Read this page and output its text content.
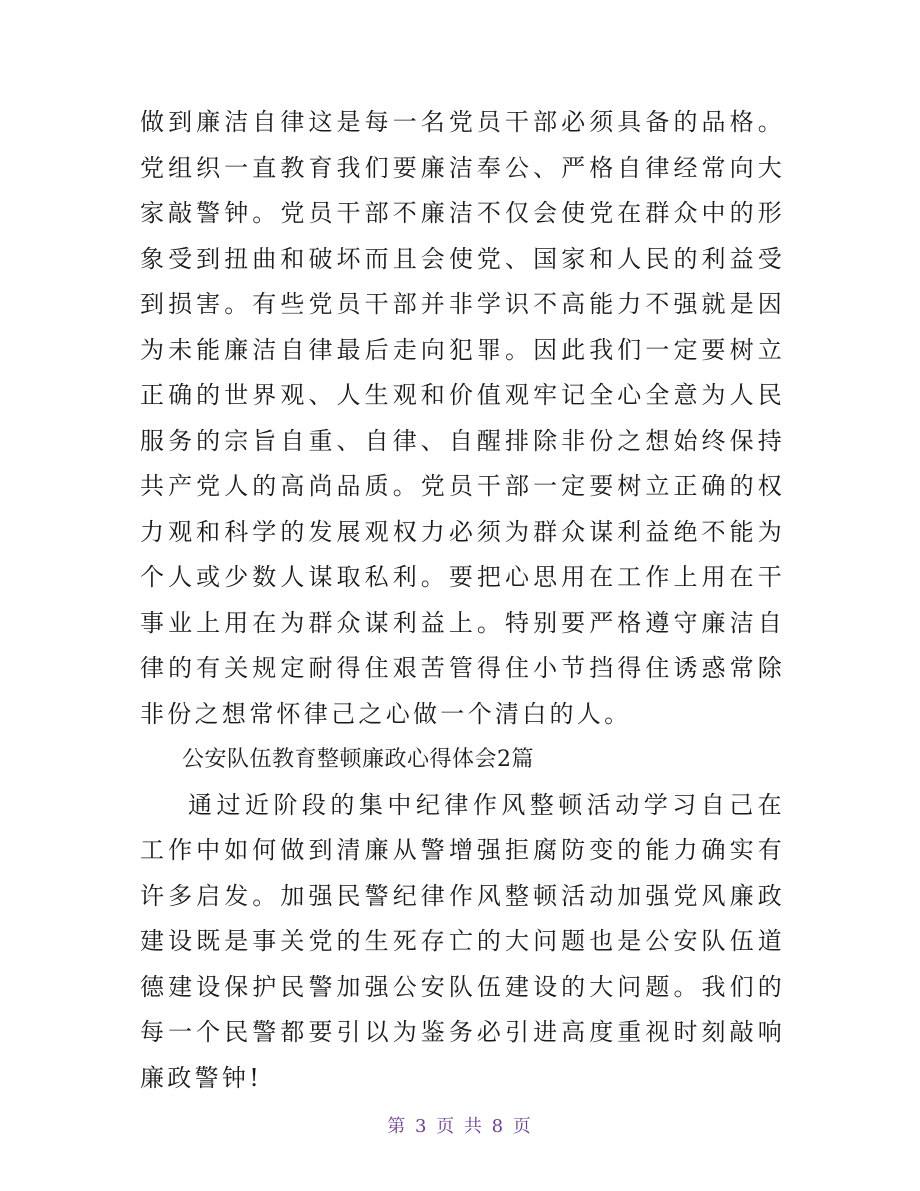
做到廉洁自律这是每一名党员干部必须具备的品格。党组织一直教育我们要廉洁奉公、严格自律经常向大家敲警钟。党员干部不廉洁不仅会使党在群众中的形象受到扭曲和破坏而且会使党、国家和人民的利益受到损害。有些党员干部并非学识不高能力不强就是因为未能廉洁自律最后走向犯罪。因此我们一定要树立正确的世界观、人生观和价值观牢记全心全意为人民服务的宗旨自重、自律、自醒排除非份之想始终保持共产党人的高尚品质。党员干部一定要树立正确的权力观和科学的发展观权力必须为群众谋利益绝不能为个人或少数人谋取私利。要把心思用在工作上用在干事业上用在为群众谋利益上。特别要严格遵守廉洁自律的有关规定耐得住艰苦管得住小节挡得住诱惑常除非份之想常怀律己之心做一个清白的人。

公安队伍教育整顿廉政心得体会2篇

通过近阶段的集中纪律作风整顿活动学习自己在工作中如何做到清廉从警增强拒腐防变的能力确实有许多启发。加强民警纪律作风整顿活动加强党风廉政建设既是事关党的生死存亡的大问题也是公安队伍道德建设保护民警加强公安队伍建设的大问题。我们的每一个民警都要引以为鉴务必引进高度重视时刻敲响廉政警钟!

第 3 页 共 8 页
